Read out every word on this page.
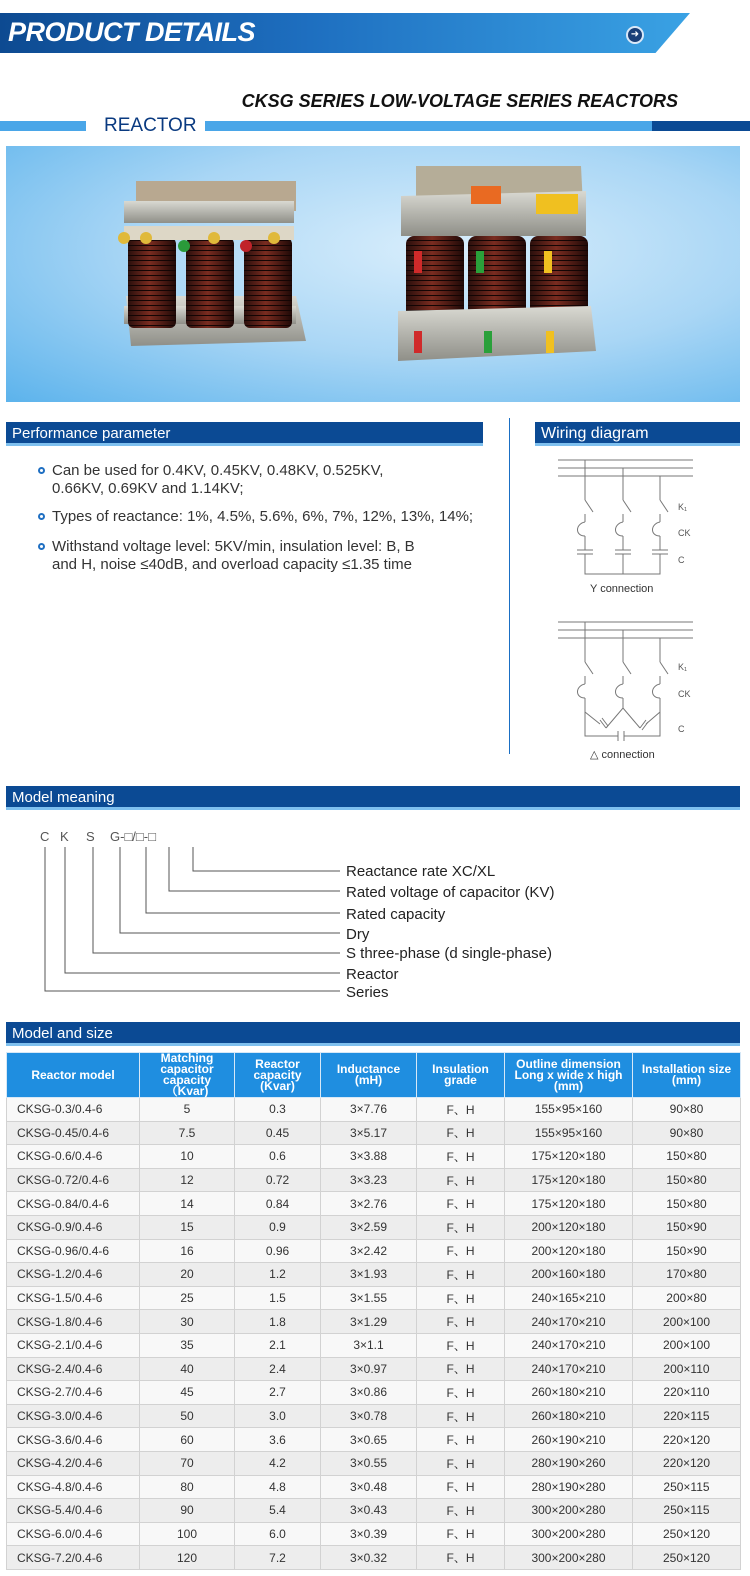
PRODUCT DETAILS	➜
CKSG SERIES LOW-VOLTAGE SERIES REACTORS
REACTOR
Performance parameter	Wiring diagram
Can be used for 0.4KV, 0.45KV, 0.48KV, 0.525KV,
0.66KV, 0.69KV and 1.14KV;
Types of reactance: 1%, 4.5%, 5.6%, 6%, 7%, 12%, 13%, 14%;
Withstand voltage level: 5KV/min, insulation level: B, B
and H, noise ≤40dB, and overload capacity ≤1.35 time
K₁
CK
C
Y connection
K₁
CK
C
△ connection
Model meaning
C K S G-□/□-□
Reactance rate XC/XL
Rated voltage of capacitor (KV)
Rated capacity
Dry
S three-phase (d single-phase)
Reactor
Series
Model and size
Reactor model	Matching
capacitor
capacity（Kvar)	Reactor
capacity
(Kvar)	Inductance (mH)	Insulation
grade	Outline dimension
Long x wide x high
(mm)	Installation size
(mm)
CKSG-0.3/0.4-6	5	0.3	3×7.76	F、H	155×95×160	90×80
CKSG-0.45/0.4-6	7.5	0.45	3×5.17	F、H	155×95×160	90×80
CKSG-0.6/0.4-6	10	0.6	3×3.88	F、H	175×120×180	150×80
CKSG-0.72/0.4-6	12	0.72	3×3.23	F、H	175×120×180	150×80
CKSG-0.84/0.4-6	14	0.84	3×2.76	F、H	175×120×180	150×80
CKSG-0.9/0.4-6	15	0.9	3×2.59	F、H	200×120×180	150×90
CKSG-0.96/0.4-6	16	0.96	3×2.42	F、H	200×120×180	150×90
CKSG-1.2/0.4-6	20	1.2	3×1.93	F、H	200×160×180	170×80
CKSG-1.5/0.4-6	25	1.5	3×1.55	F、H	240×165×210	200×80
CKSG-1.8/0.4-6	30	1.8	3×1.29	F、H	240×170×210	200×100
CKSG-2.1/0.4-6	35	2.1	3×1.1	F、H	240×170×210	200×100
CKSG-2.4/0.4-6	40	2.4	3×0.97	F、H	240×170×210	200×110
CKSG-2.7/0.4-6	45	2.7	3×0.86	F、H	260×180×210	220×110
CKSG-3.0/0.4-6	50	3.0	3×0.78	F、H	260×180×210	220×115
CKSG-3.6/0.4-6	60	3.6	3×0.65	F、H	260×190×210	220×120
CKSG-4.2/0.4-6	70	4.2	3×0.55	F、H	280×190×260	220×120
CKSG-4.8/0.4-6	80	4.8	3×0.48	F、H	280×190×280	250×115
CKSG-5.4/0.4-6	90	5.4	3×0.43	F、H	300×200×280	250×115
CKSG-6.0/0.4-6	100	6.0	3×0.39	F、H	300×200×280	250×120
CKSG-7.2/0.4-6	120	7.2	3×0.32	F、H	300×200×280	250×120
